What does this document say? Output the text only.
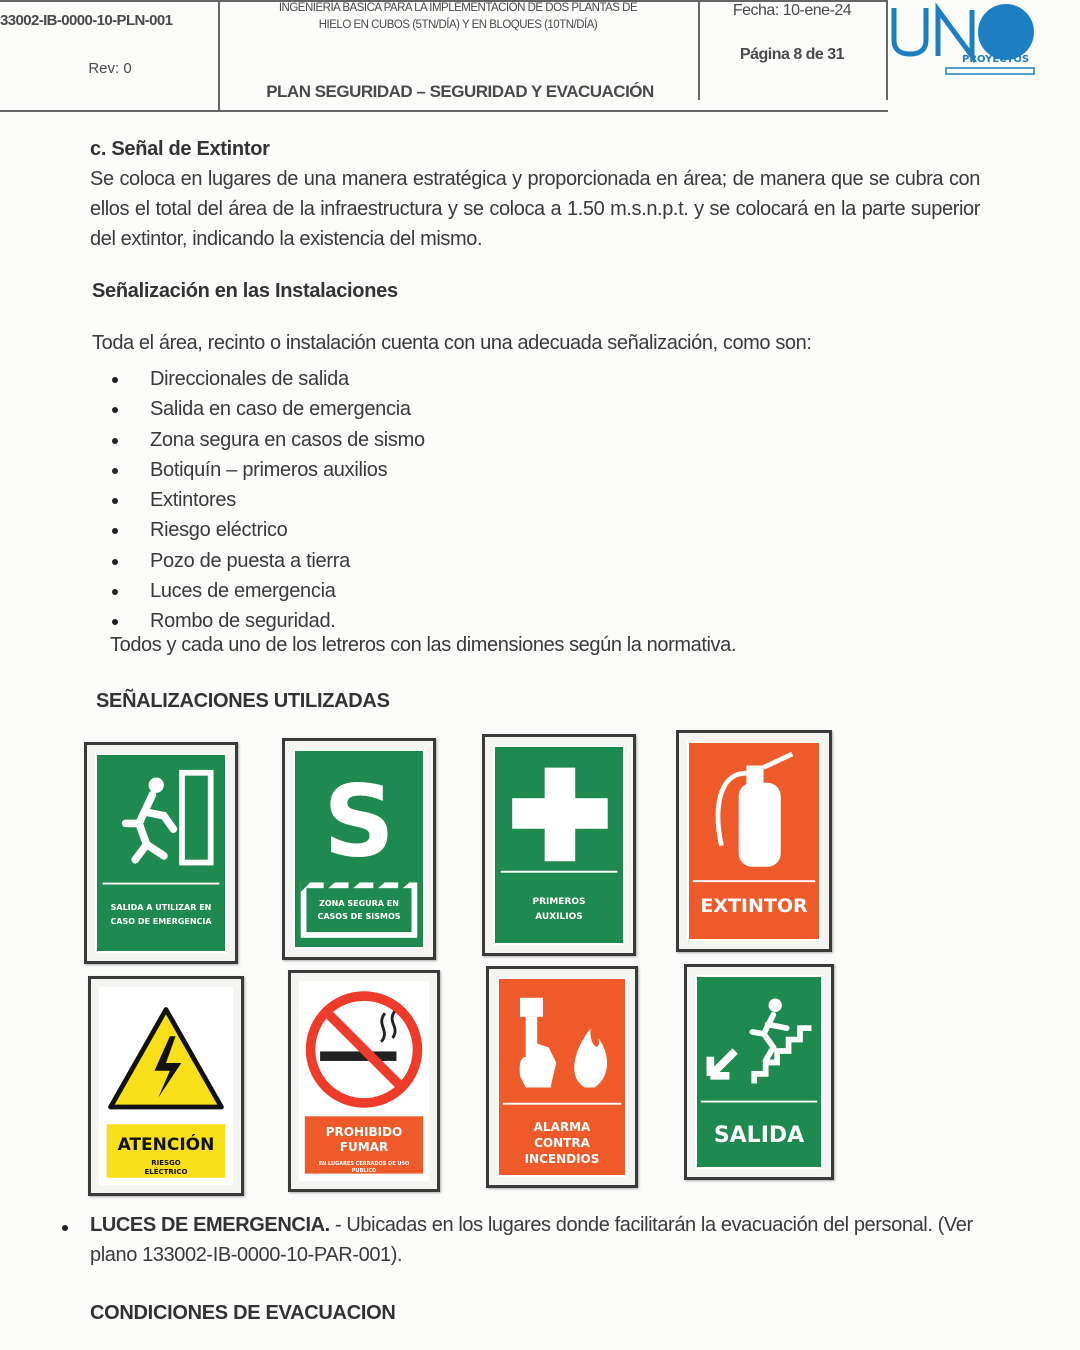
33002-IB-0000-10-PLN-001
Rev: 0
INGENIERÍA BÁSICA PARA LA IMPLEMENTACIÓN DE DOS PLANTAS DE HIELO EN CUBOS (5TN/DÍA) Y EN BLOQUES (10TN/DÍA)
PLAN SEGURIDAD – SEGURIDAD Y EVACUACIÓN
Fecha: 10-ene-24
Página 8 de 31	PROYECTOS
c. Señal de Extintor
Se coloca en lugares de una manera estratégica y proporcionada en área; de manera que se cubra con ellos el total del área de la infraestructura y se coloca a 1.50 m.s.n.p.t. y se colocará en la parte superior del extintor, indicando la existencia del mismo.
Señalización en las Instalaciones
Toda el área, recinto o instalación cuenta con una adecuada señalización, como son:
Direccionales de salida
Salida en caso de emergencia
Zona segura en casos de sismo
Botiquín – primeros auxilios
Extintores
Riesgo eléctrico
Pozo de puesta a tierra
Luces de emergencia
Rombo de seguridad.
Todos y cada uno de los letreros con las dimensiones según la normativa.
SEÑALIZACIONES UTILIZADAS
SALIDA A UTILIZAR EN CASO DE EMERGENCIA
S
ZONA SEGURA EN CASOS DE SISMOS
PRIMEROS AUXILIOS	EXTINTOR
ATENCIÓN
RIESGO ELÉCTRICO
PROHIBIDO FUMAR
EN LUGARES CERRADOS DE USO PÚBLICO
ALARMA CONTRA INCENDIOS
SALIDA
LUCES DE EMERGENCIA. - Ubicadas en los lugares donde facilitarán la evacuación del personal. (Ver plano 133002-IB-0000-10-PAR-001).
CONDICIONES DE EVACUACION
